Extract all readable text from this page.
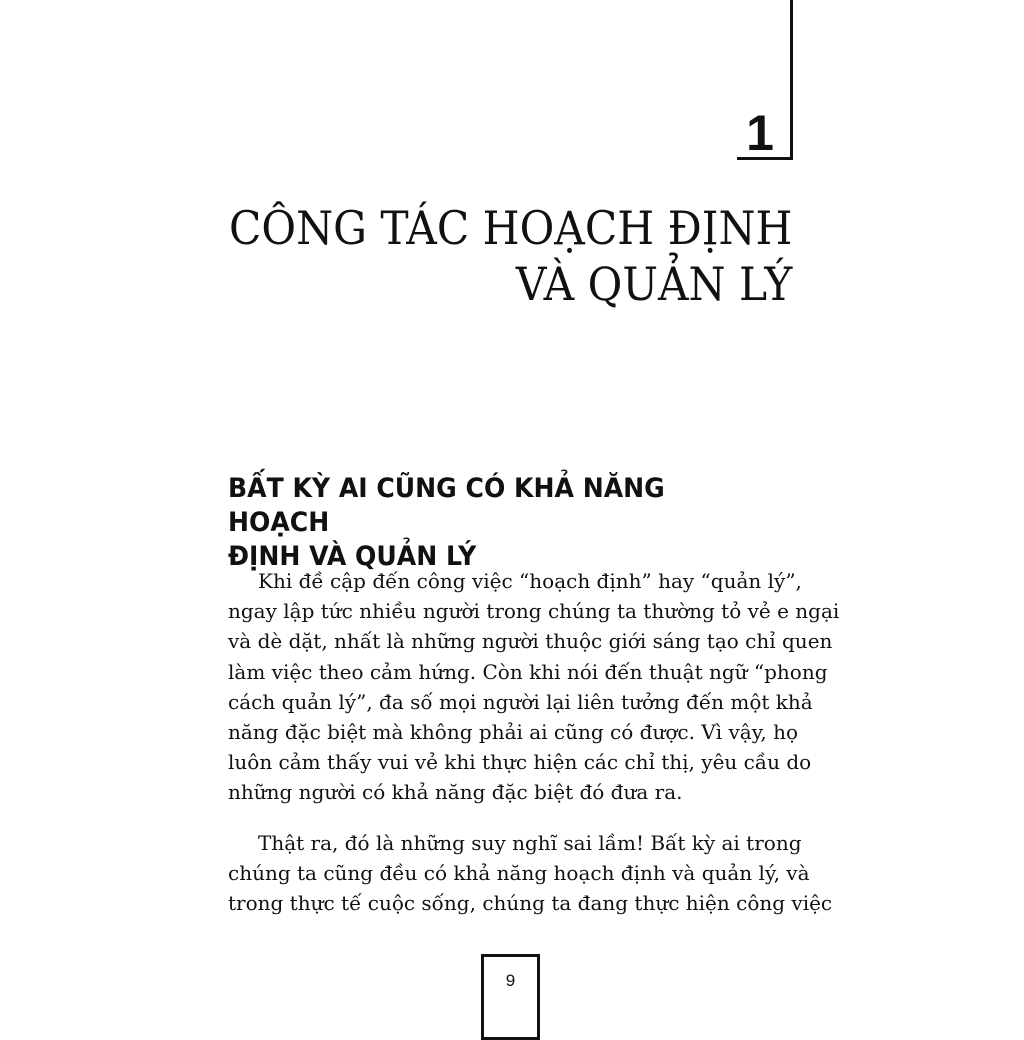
1
CÔNG TÁC HOẠCH ĐỊNH
VÀ QUẢN LÝ
BẤT KỲ AI CŨNG CÓ KHẢ NĂNG HOẠCH
ĐỊNH VÀ QUẢN LÝ
Khi đề cập đến công việc “hoạch định” hay “quản lý”,
ngay lập tức nhiều người trong chúng ta thường tỏ vẻ e ngại
và dè dặt, nhất là những người thuộc giới sáng tạo chỉ quen
làm việc theo cảm hứng. Còn khi nói đến thuật ngữ “phong
cách quản lý”, đa số mọi người lại liên tưởng đến một khả
năng đặc biệt mà không phải ai cũng có được. Vì vậy, họ
luôn cảm thấy vui vẻ khi thực hiện các chỉ thị, yêu cầu do
những người có khả năng đặc biệt đó đưa ra.
Thật ra, đó là những suy nghĩ sai lầm! Bất kỳ ai trong
chúng ta cũng đều có khả năng hoạch định và quản lý, và
trong thực tế cuộc sống, chúng ta đang thực hiện công việc
9
